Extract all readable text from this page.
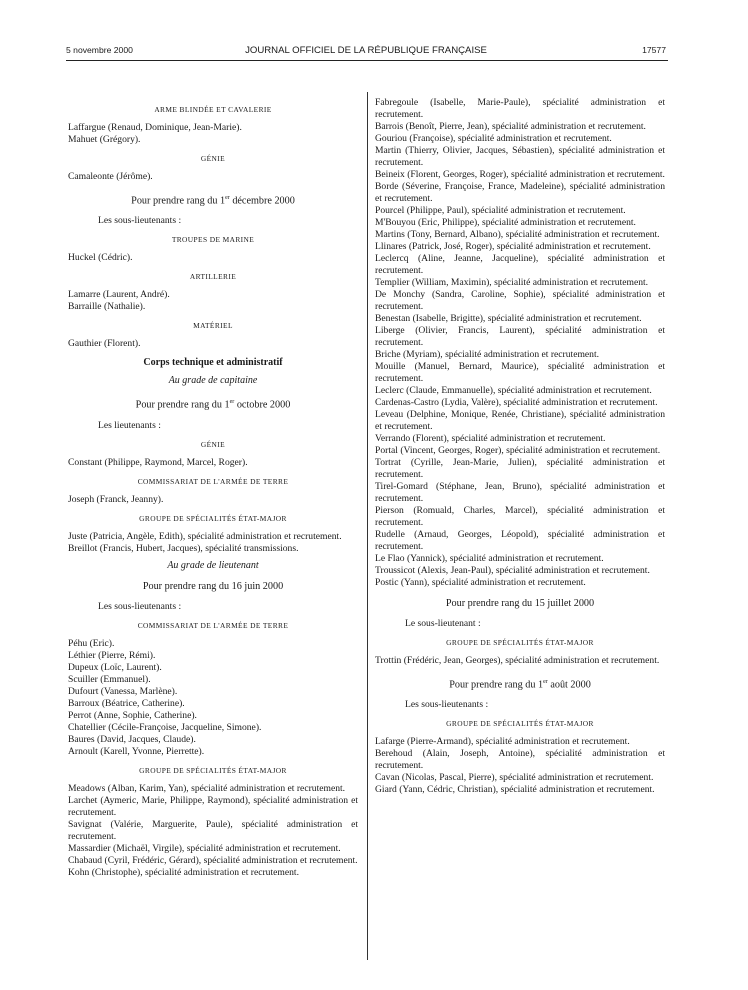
5 novembre 2000	JOURNAL OFFICIEL DE LA RÉPUBLIQUE FRANÇAISE	17577
ARME BLINDÉE ET CAVALERIE
Laffargue (Renaud, Dominique, Jean-Marie).
Mahuet (Grégory).
GÉNIE
Camaleonte (Jérôme).
Pour prendre rang du 1er décembre 2000
Les sous-lieutenants :
TROUPES DE MARINE
Huckel (Cédric).
ARTILLERIE
Lamarre (Laurent, André).
Barraille (Nathalie).
MATÉRIEL
Gauthier (Florent).
Corps technique et administratif
Au grade de capitaine
Pour prendre rang du 1er octobre 2000
Les lieutenants :
GÉNIE
Constant (Philippe, Raymond, Marcel, Roger).
COMMISSARIAT DE L'ARMÉE DE TERRE
Joseph (Franck, Jeanny).
GROUPE DE SPÉCIALITÉS ÉTAT-MAJOR
Juste (Patricia, Angèle, Edith), spécialité administration et recrutement.
Breillot (Francis, Hubert, Jacques), spécialité transmissions.
Au grade de lieutenant
Pour prendre rang du 16 juin 2000
Les sous-lieutenants :
COMMISSARIAT DE L'ARMÉE DE TERRE
Péhu (Eric).
Léthier (Pierre, Rémi).
Dupeux (Loïc, Laurent).
Scuiller (Emmanuel).
Dufourt (Vanessa, Marlène).
Barroux (Béatrice, Catherine).
Perrot (Anne, Sophie, Catherine).
Chatellier (Cécile-Françoise, Jacqueline, Simone).
Baures (David, Jacques, Claude).
Arnoult (Karell, Yvonne, Pierrette).
GROUPE DE SPÉCIALITÉS ÉTAT-MAJOR
Meadows (Alban, Karim, Yan), spécialité administration et recrutement.
Larchet (Aymeric, Marie, Philippe, Raymond), spécialité administration et recrutement.
Savignat (Valérie, Marguerite, Paule), spécialité administration et recrutement.
Massardier (Michaël, Virgile), spécialité administration et recrutement.
Chabaud (Cyril, Frédéric, Gérard), spécialité administration et recrutement.
Kohn (Christophe), spécialité administration et recrutement.
Fabregoule (Isabelle, Marie-Paule), spécialité administration et recrutement.
Barrois (Benoît, Pierre, Jean), spécialité administration et recrutement.
Gouriou (Françoise), spécialité administration et recrutement.
Martin (Thierry, Olivier, Jacques, Sébastien), spécialité administration et recrutement.
Beineix (Florent, Georges, Roger), spécialité administration et recrutement.
Borde (Séverine, Françoise, France, Madeleine), spécialité administration et recrutement.
Pourcel (Philippe, Paul), spécialité administration et recrutement.
M'Bouyou (Eric, Philippe), spécialité administration et recrutement.
Martins (Tony, Bernard, Albano), spécialité administration et recrutement.
Llinares (Patrick, José, Roger), spécialité administration et recrutement.
Leclercq (Aline, Jeanne, Jacqueline), spécialité administration et recrutement.
Templier (William, Maximin), spécialité administration et recrutement.
De Monchy (Sandra, Caroline, Sophie), spécialité administration et recrutement.
Benestan (Isabelle, Brigitte), spécialité administration et recrutement.
Liberge (Olivier, Francis, Laurent), spécialité administration et recrutement.
Briche (Myriam), spécialité administration et recrutement.
Mouille (Manuel, Bernard, Maurice), spécialité administration et recrutement.
Leclerc (Claude, Emmanuelle), spécialité administration et recrutement.
Cardenas-Castro (Lydia, Valère), spécialité administration et recrutement.
Leveau (Delphine, Monique, Renée, Christiane), spécialité administration et recrutement.
Verrando (Florent), spécialité administration et recrutement.
Portal (Vincent, Georges, Roger), spécialité administration et recrutement.
Tortrat (Cyrille, Jean-Marie, Julien), spécialité administration et recrutement.
Tirel-Gomard (Stéphane, Jean, Bruno), spécialité administration et recrutement.
Pierson (Romuald, Charles, Marcel), spécialité administration et recrutement.
Rudelle (Arnaud, Georges, Léopold), spécialité administration et recrutement.
Le Flao (Yannick), spécialité administration et recrutement.
Troussicot (Alexis, Jean-Paul), spécialité administration et recrutement.
Postic (Yann), spécialité administration et recrutement.
Pour prendre rang du 15 juillet 2000
Le sous-lieutenant :
GROUPE DE SPÉCIALITÉS ÉTAT-MAJOR
Trottin (Frédéric, Jean, Georges), spécialité administration et recrutement.
Pour prendre rang du 1er août 2000
Les sous-lieutenants :
GROUPE DE SPÉCIALITÉS ÉTAT-MAJOR
Lafarge (Pierre-Armand), spécialité administration et recrutement.
Berehoud (Alain, Joseph, Antoine), spécialité administration et recrutement.
Cavan (Nicolas, Pascal, Pierre), spécialité administration et recrutement.
Giard (Yann, Cédric, Christian), spécialité administration et recrutement.
